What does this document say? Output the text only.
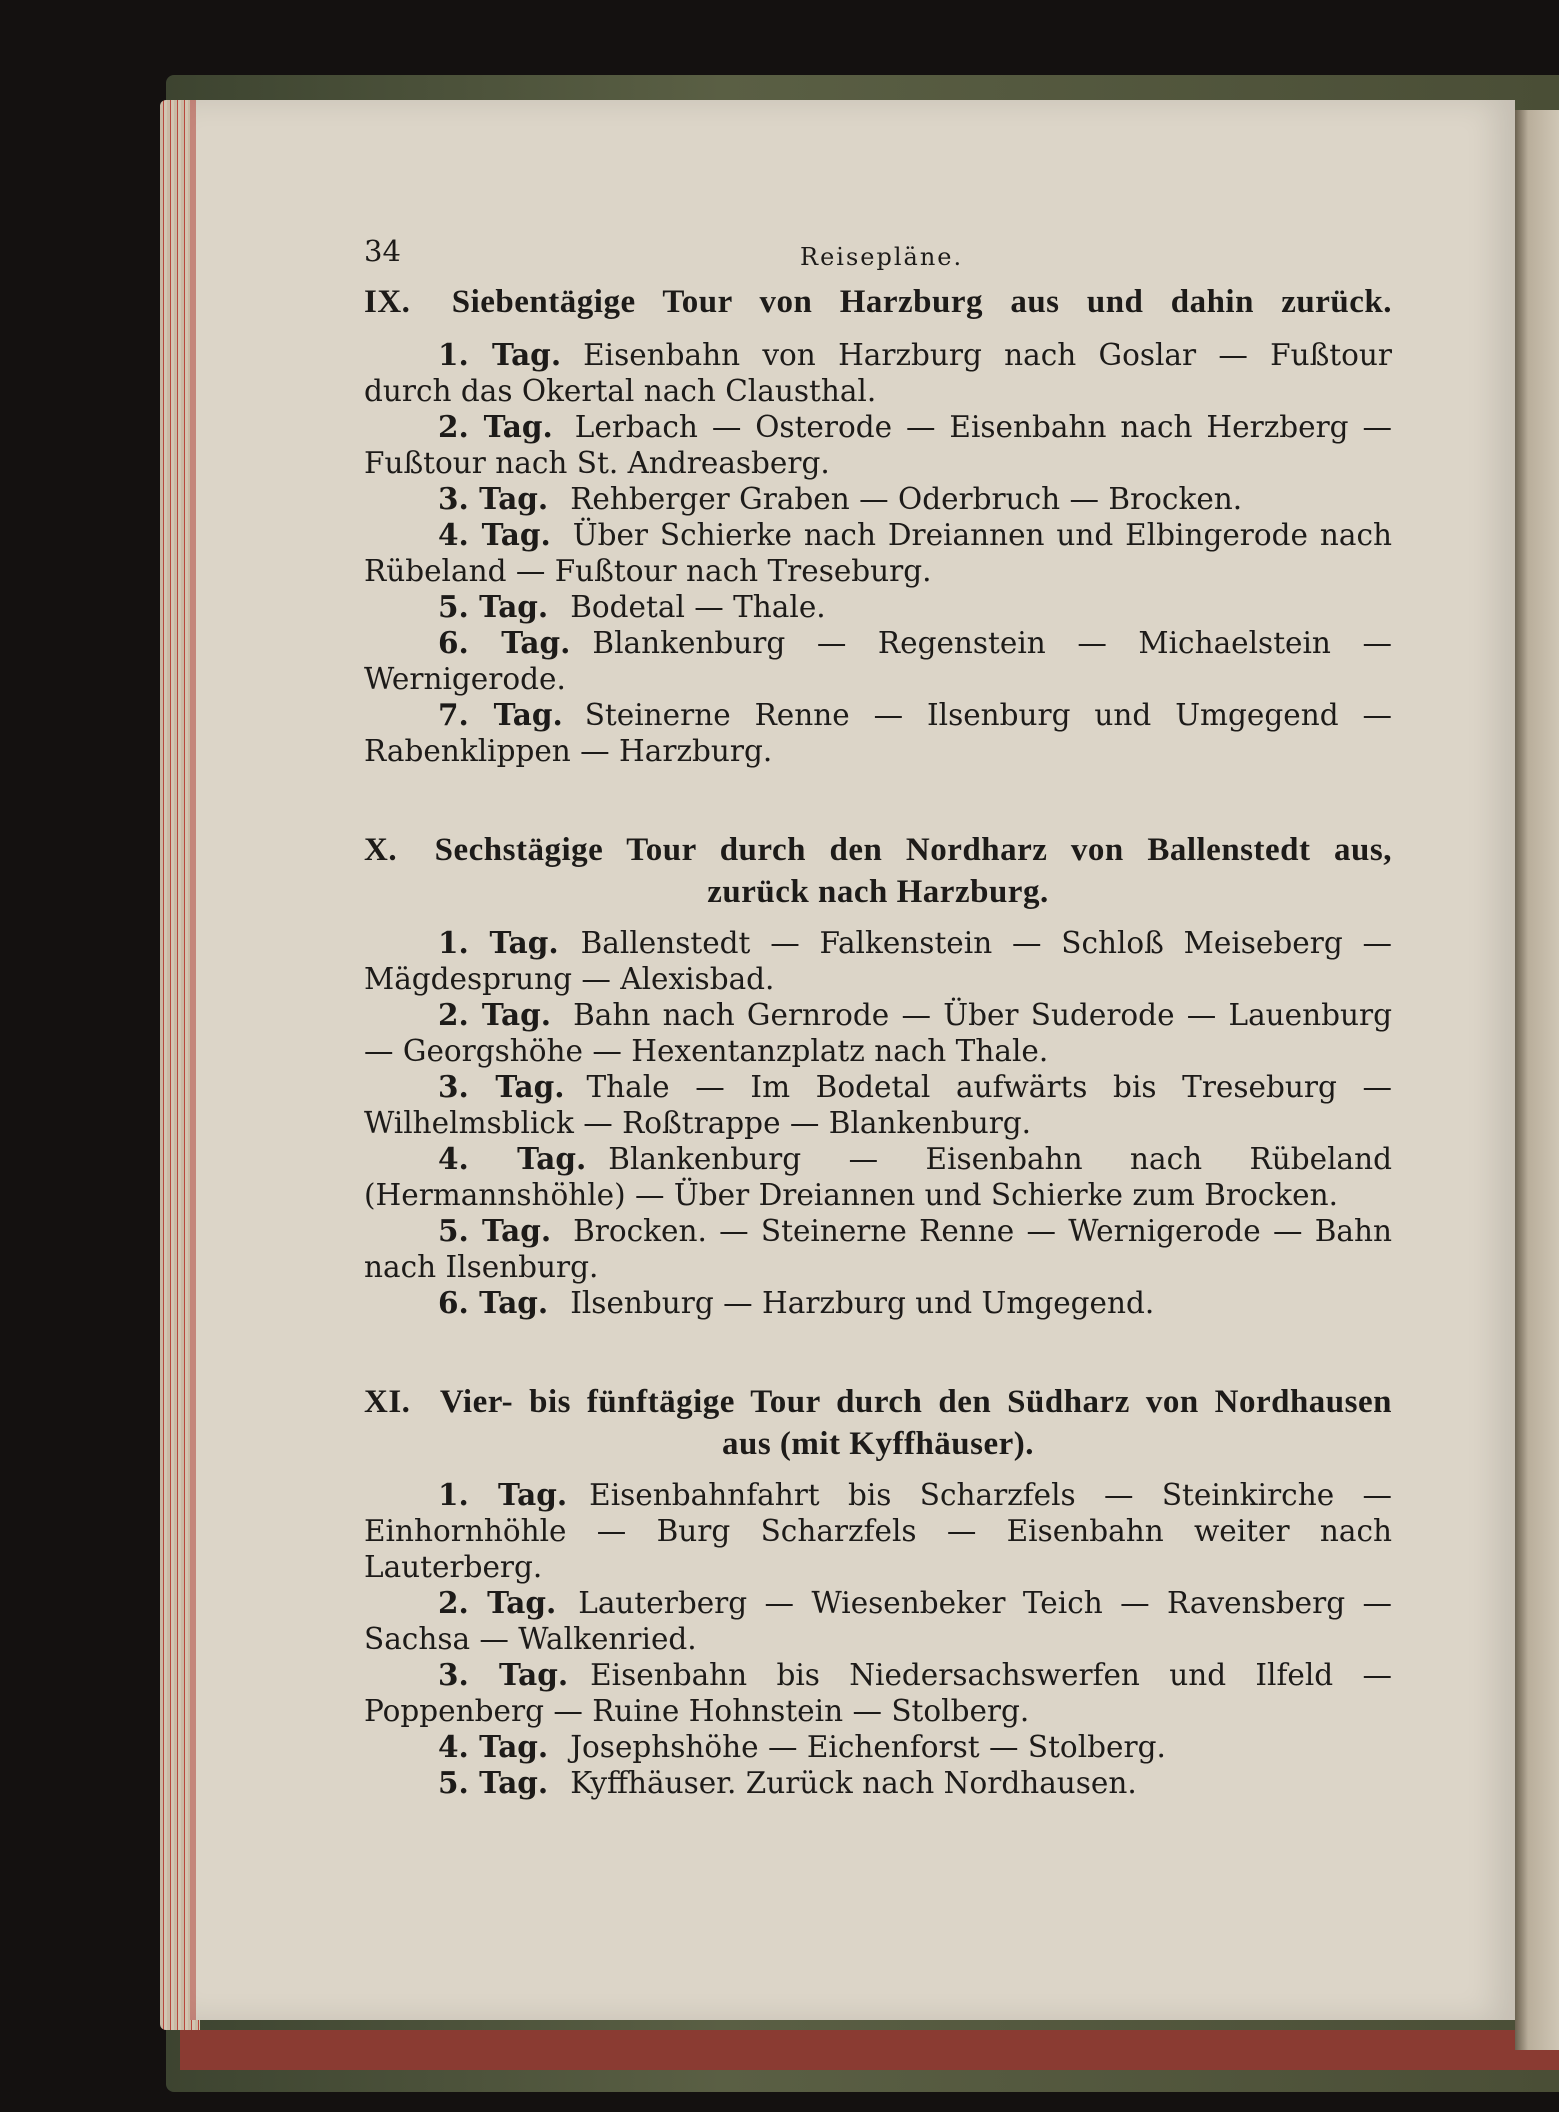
34	Reisepläne.
IX. Siebentägige Tour von Harzburg aus und dahin zurück.

1. Tag. Eisenbahn von Harzburg nach Goslar — Fußtour durch das Okertal nach Clausthal.

2. Tag. Lerbach — Osterode — Eisenbahn nach Herzberg — Fußtour nach St. Andreasberg.

3. Tag. Rehberger Graben — Oderbruch — Brocken.

4. Tag. Über Schierke nach Dreiannen und Elbingerode nach Rübeland — Fußtour nach Treseburg.

5. Tag. Bodetal — Thale.

6. Tag. Blankenburg — Regenstein — Michaelstein — Wernigerode.

7. Tag. Steinerne Renne — Ilsenburg und Umgegend — Rabenklippen — Harzburg.

X. Sechstägige Tour durch den Nordharz von Ballenstedt aus,
zurück nach Harzburg.

1. Tag. Ballenstedt — Falkenstein — Schloß Meiseberg — Mägdesprung — Alexisbad.

2. Tag. Bahn nach Gernrode — Über Suderode — Lauenburg — Georgshöhe — Hexentanzplatz nach Thale.

3. Tag. Thale — Im Bodetal aufwärts bis Treseburg — Wilhelmsblick — Roßtrappe — Blankenburg.

4. Tag. Blankenburg — Eisenbahn nach Rübeland (Hermannshöhle) — Über Dreiannen und Schierke zum Brocken.

5. Tag. Brocken. — Steinerne Renne — Wernigerode — Bahn nach Ilsenburg.

6. Tag. Ilsenburg — Harzburg und Umgegend.

XI. Vier- bis fünftägige Tour durch den Südharz von Nordhausen
aus (mit Kyffhäuser).

1. Tag. Eisenbahnfahrt bis Scharzfels — Steinkirche — Einhornhöhle — Burg Scharzfels — Eisenbahn weiter nach Lauterberg.

2. Tag. Lauterberg — Wiesenbeker Teich — Ravensberg — Sachsa — Walkenried.

3. Tag. Eisenbahn bis Niedersachswerfen und Ilfeld — Poppenberg — Ruine Hohnstein — Stolberg.

4. Tag. Josephshöhe — Eichenforst — Stolberg.

5. Tag. Kyffhäuser. Zurück nach Nordhausen.
